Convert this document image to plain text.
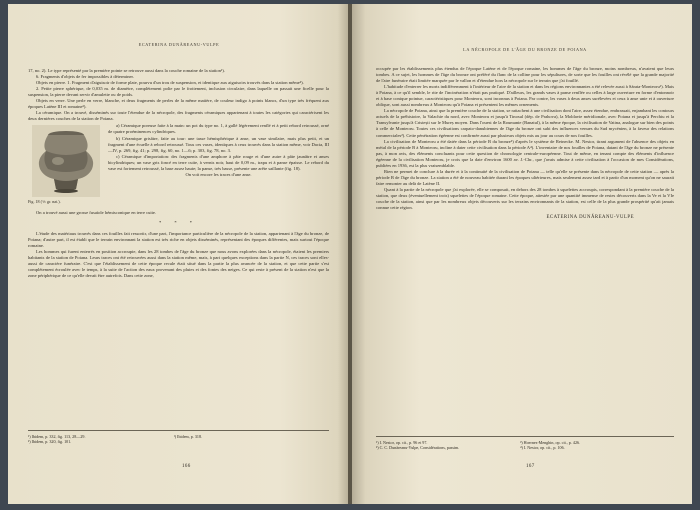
ECATERINA DUNĂREANU-VULPE

17, no. 2). Le type représenté par la première pointe se retrouve aussi dans la couche romaine de la station¹).

6. Fragments d'objets de fer impossibles à déterminer.

Objets en pierre. 1. Fragment d'aiguisoir de forme plate, pourvu d'un trou de suspension, et identique aux aiguisoirs trouvés dans la station même²).

2. Petite pierre sphérique, de 0,035 m. de diamètre, complètement polie par le frottement, inclusion circulaire, dans laquelle on passait une ficelle pour la suspension, la pierre devant servir d'amulette ou de poids.

Objets en verre. Une perle en verre, blanche, et deux fragments de perles de la même matière, de couleur indigo à points blancs, d'un type très fréquent aux époques Latène III et romaine³).

La céramique. On a trouvé, disséminés sur toute l'étendue de la nécropole, des fragments céramiques appartenant à toutes les catégories qui caractérisent les deux dernières couches de la station de Poiana.

Fig. 18 (⅗ gr. nat.).

a) Céramique poreuse faite à la main: un pot du type no. 1, à gallé légèrement renflé et à petit rebord retroussé, orné de quatre proéminences cylindriques.

b) Céramique grisâtre, faite au tour: une tasse hémisphérique à anse, un vase similaire, mais plus petit, et un fragment d'une écuelle à rebord retroussé. Tous ces vases, identiques à ceux trouvés dans la station même, voir Dacia, III—IV, p. 269, fig. 41; p. 298, fig. 60, no. 1—6; p. 303, fig. 78, no. 3.

c) Céramique d'importation: des fragments d'une amphore à pâte rouge et d'une autre à pâte jaunâtre et anses bicylindriques; un vase gris foncé en terre cuite, à vernis noir, haut de 0,09 m., trapu et à panse épaisse. Le rebord du vase est fortement retroussé, la base assez haute; la panse, très basse, présente une arête saillante (fig. 18).

On voit encore les traces d'une anse.

On a trouvé aussi une grosse fusaïole hémisconique en terre cuite.

* * *

L'étude des matériaux trouvés dans ces fouilles fait ressortir, d'une part, l'importance particulière de la nécropole de la station, appartenant à l'âge du bronze, de Poiana; d'autre part, il est établi que le terrain environnant la station est très riche en objets disséminés, représentant des époques différentes, mais surtout l'époque romaine.

Les hommes qui furent enterrés en position accroupie, dans les 28 tombes de l'âge du bronze que nous avons explorées dans la nécropole, étaient les premiers habitants de la station de Poiana. Leurs traces ont été retrouvées aussi dans la station même, mais, à part quelques exceptions dans la partie N, ces traces sont elles-aussi de caractère funéraire. C'est que l'établissement de cette époque recule était situé dans la partie la plus avancée de la station, et que cette partie s'est complètement écroulée avec le temps, à la suite de l'action des eaux provenant des pluies et des fontes des neiges. Ce qui reste à présent de la station n'est que la zone périphérique de ce qu'elle devait être autrefois. Dans cette zone,

¹) Ibidem, p. 332, fig. 113, 28—29.
²) Ibidem, p. 320, fig. 101.

³) Ibidem, p. 318.
166
LA NÉCROPOLE DE L'ÂGE DU BRONZE DE POIANA

occupée par les établissements plus étendus de l'époque Latène et de l'époque romaine, les hommes de l'âge du bronze, moins nombreux, n'avaient que leurs tombes. A ce sujet, les hommes de l'âge du bronze ont préféré du flanc de la colline pour les sépultures, de sorte que les fouilles ont révélé que la grande majorité de l'aire funéraire était limitée marquée par le vallon et d'étendue hors la nécropole sur le terrain que j'ai fouillé.

L'habitude d'enterrer les morts indifféremment à l'intérieur de l'aire de la station et dans les régions environnantes a été relevée aussi à Sărata-Monteoru¹). Mais à Poiana, à ce qu'il semble, le rite de l'incinération n'était pas pratiqué. D'ailleurs, les grands vases à panse renflée ou celles à large ouverture en forme d'entonnoir et à base conique pointue, caractéristiques pour Monteoru, sont inconnus à Poiana. Par contre, les vases à deux anses surélevées et ceux à anse unie et à ouverture oblique, sont aussi nombreux à Monteoru qu'à Poiana et présentent les mêmes ornements.

La nécropole de Poiana, ainsi que la première couche de la station, se rattachent à une civilisation dont l'aire, assez étendue, embrassait, enjambant les contours actuels de la préhistoire, la Valachie du nord, avec Monteoru et jusqu'à Tinosul (dép. de Prahova), la Moldavie méridionale, avec Poiana et jusqu'à Perchiu et la Transylvanie jusqu'à Cristești sur le Mureș moyen. Dans l'ouest de la Roumanie (Banatul), à la même époque, la civilisation de Vatina, analogue sur bien des points à celle de Monteoru. Toutes ces civilisations carpato-danubiennes de l'âge du bronze ont subi des influences venues du Sud mycénien, à la faveur des relations commerciales²). Cette pénétration égéenne est confirmée aussi par plusieurs objets mis au jour au cours de nos fouilles.

La civilisation de Monteoru a été datée dans la période B du bronze³) d'après le système de Reinecke. M. Nestor, tirant argument de l'absence des objets en métal de la période B à Monteoru, incline à dater cette civilisation dans la période A⁴). L'inventaire de nos fouilles de Poiana, datant de l'âge du bronze ne présente pas, à mon avis, des éléments concluants pour cette question de chronologie centrale-européenne. Tout de même, en tenant compte des éléments d'influence égéenne de la civilisation Monteoru, je crois que la date d'environ 1600 av. J.-Chr., que j'avais admise à cette civilisation à l'occasion de mes Considérations, publiées en 1936, est la plus vraisemblable.

Rien ne permet de conclure à la durée et à la continuité de la civilisation de Poiana — telle qu'elle se présente dans la nécropole de cette station — après la période B de l'âge du bronze. La station a été de nouveau habitée durant les époques ultérieures, mais seulement assez tard et à partir d'un moment qu'on ne saurait faire remonter au delà de Latène II.

Quant à la partie de la nécropole que j'ai explorée, elle se composait, en dehors des 28 tombes à squelettes accroupis, correspondant à la première couche de la station, que deux (éventuellement trois) squelettes de l'époque romaine. Cette époque, attestée par une quantité immense de restes découverts dans la Ve et la VIe couche de la station, ainsi que par les nombreux objets découverts sur les terrains environnants de la station, est celle de la plus grande prospérité qu'ait jamais connue cette région.

ECATERINA DUNĂREANU-VULPE

¹) I. Nestor, op. cit., p. 96 et 97.
²) C. C. Dunăreanu-Vulpe, Considérations, passim.

³) Hoernes-Menghin, op. cit., p. 426.
⁴) I. Nestor, op. cit., p. 106.
167
